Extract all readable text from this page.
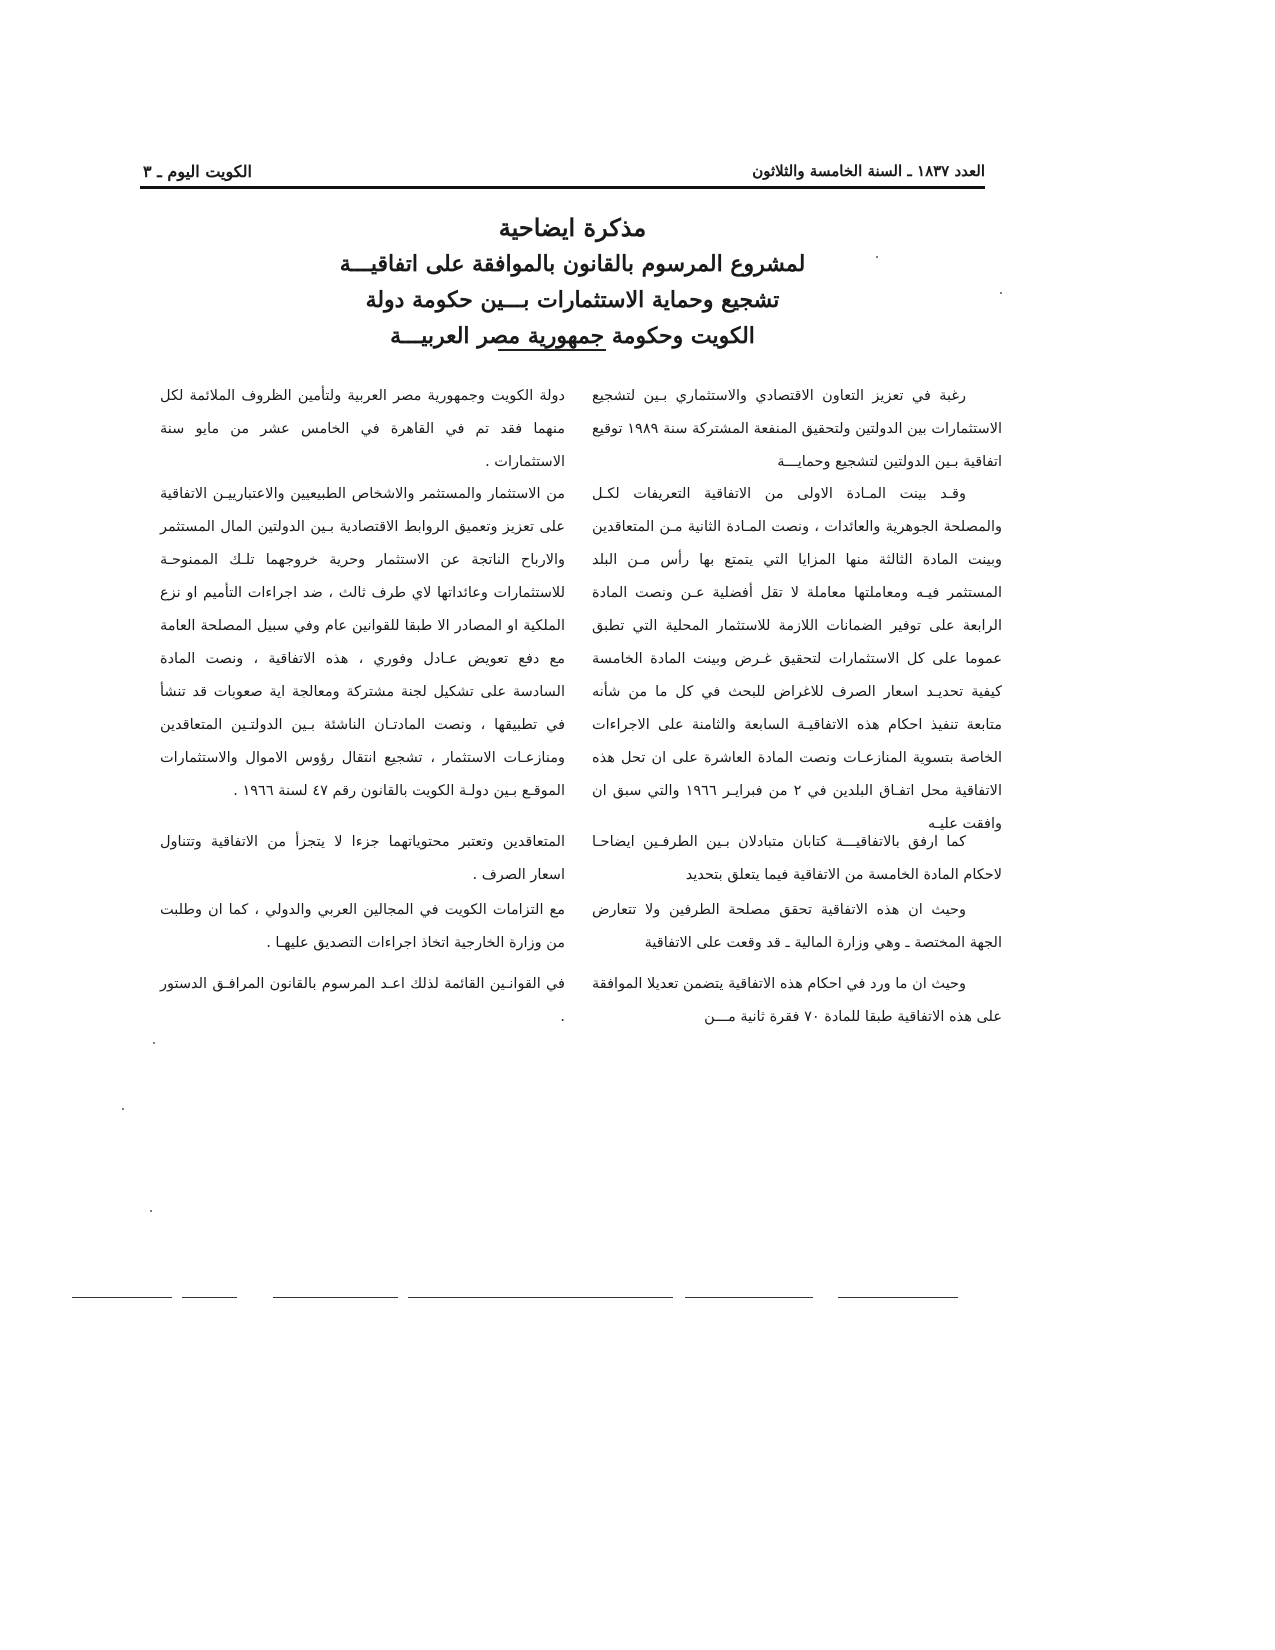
العدد ١٨٣٧ ـ السنة الخامسة والثلاثون
الكويت اليوم ـ ٣

مذكرة ايضاحية

لمشروع المرسوم بالقانون بالموافقة على اتفاقيـــة

تشجيع وحماية الاستثمارات بـــين حكومة دولة

الكويت وحكومة جمهورية مصر العربيـــة

رغبة في تعزيز التعاون الاقتصادي والاستثماري بـين لتشجيع الاستثمارات بين الدولتين ولتحقيق المنفعة المشتركة سنة ١٩٨٩ توقيع اتفاقية بـين الدولتين لتشجيع وحمايـــة

وقـد بينت المـادة الاولى من الاتفاقية التعريفات لكـل والمصلحة الجوهرية والعائدات ، ونصت المـادة الثانية مـن المتعاقدين وبينت المادة الثالثة منها المزايا التي يتمتع بها رأس مـن البلد المستثمر فيـه ومعاملتها معاملة لا تقل أفضلية عـن ونصت المادة الرابعة على توفير الضمانات اللازمة للاستثمار المحلية التي تطبق عموما على كل الاستثمارات لتحقيق غـرض وبينت المادة الخامسة كيفية تحديـد اسعار الصرف للاغراض للبحث في كل ما من شأنه متابعة تنفيذ احكام هذه الاتفاقيـة السابعة والثامنة على الاجراءات الخاصة بتسوية المنازعـات ونصت المادة العاشرة على ان تحل هذه الاتفاقية محل اتفـاق البلدين في ٢ من فبرايـر ١٩٦٦ والتي سبق ان وافقت عليـه

كما ارفق بالاتفاقيـــة كتابان متبادلان بـين الطرفـين ايضاحـا لاحكام المادة الخامسة من الاتفاقية فيما يتعلق بتحديد

وحيث ان هذه الاتفاقية تحقق مصلحة الطرفين ولا تتعارض الجهة المختصة ـ وهي وزارة المالية ـ قد وقعت على الاتفاقية

وحيث ان ما ورد في احكام هذه الاتفاقية يتضمن تعديلا الموافقة على هذه الاتفاقية طبقا للمادة ٧٠ فقرة ثانية مـــن

دولة الكويت وجمهورية مصر العربية ولتأمين الظروف الملائمة لكل منهما فقد تم في القاهرة في الخامس عشر من مايو سنة الاستثمارات .

من الاستثمار والمستثمر والاشخاص الطبيعيين والاعتبارييـن الاتفاقية على تعزيز وتعميق الروابط الاقتصادية بـين الدولتين المال المستثمر والارباح الناتجة عن الاستثمار وحرية خروجهما تلـك الممنوحـة للاستثمارات وعائداتها لاي طرف ثالث ، ضد اجراءات التأميم او نزع الملكية او المصادر الا طبقا للقوانين عام وفي سبيل المصلحة العامة مع دفع تعويض عـادل وفوري ، هذه الاتفاقية ، ونصت المادة السادسة على تشكيل لجنة مشتركة ومعالجة اية صعوبات قد تنشأ في تطبيقها ، ونصت المادتـان الناشئة بـين الدولتـين المتعاقدين ومنازعـات الاستثمار ، تشجيع انتقال رؤوس الاموال والاستثمارات الموقـع بـين دولـة الكويت بالقانون رقم ٤٧ لسنة ١٩٦٦ .

المتعاقدين وتعتبر محتوياتهما جزءا لا يتجزأ من الاتفاقية وتتناول اسعار الصرف .

مع التزامات الكويت في المجالين العربي والدولي ، كما ان وطلبت من وزارة الخارجية اتخاذ اجراءات التصديق عليهـا .

في القوانـين القائمة لذلك اعـد المرسوم بالقانون المرافـق الدستور .
